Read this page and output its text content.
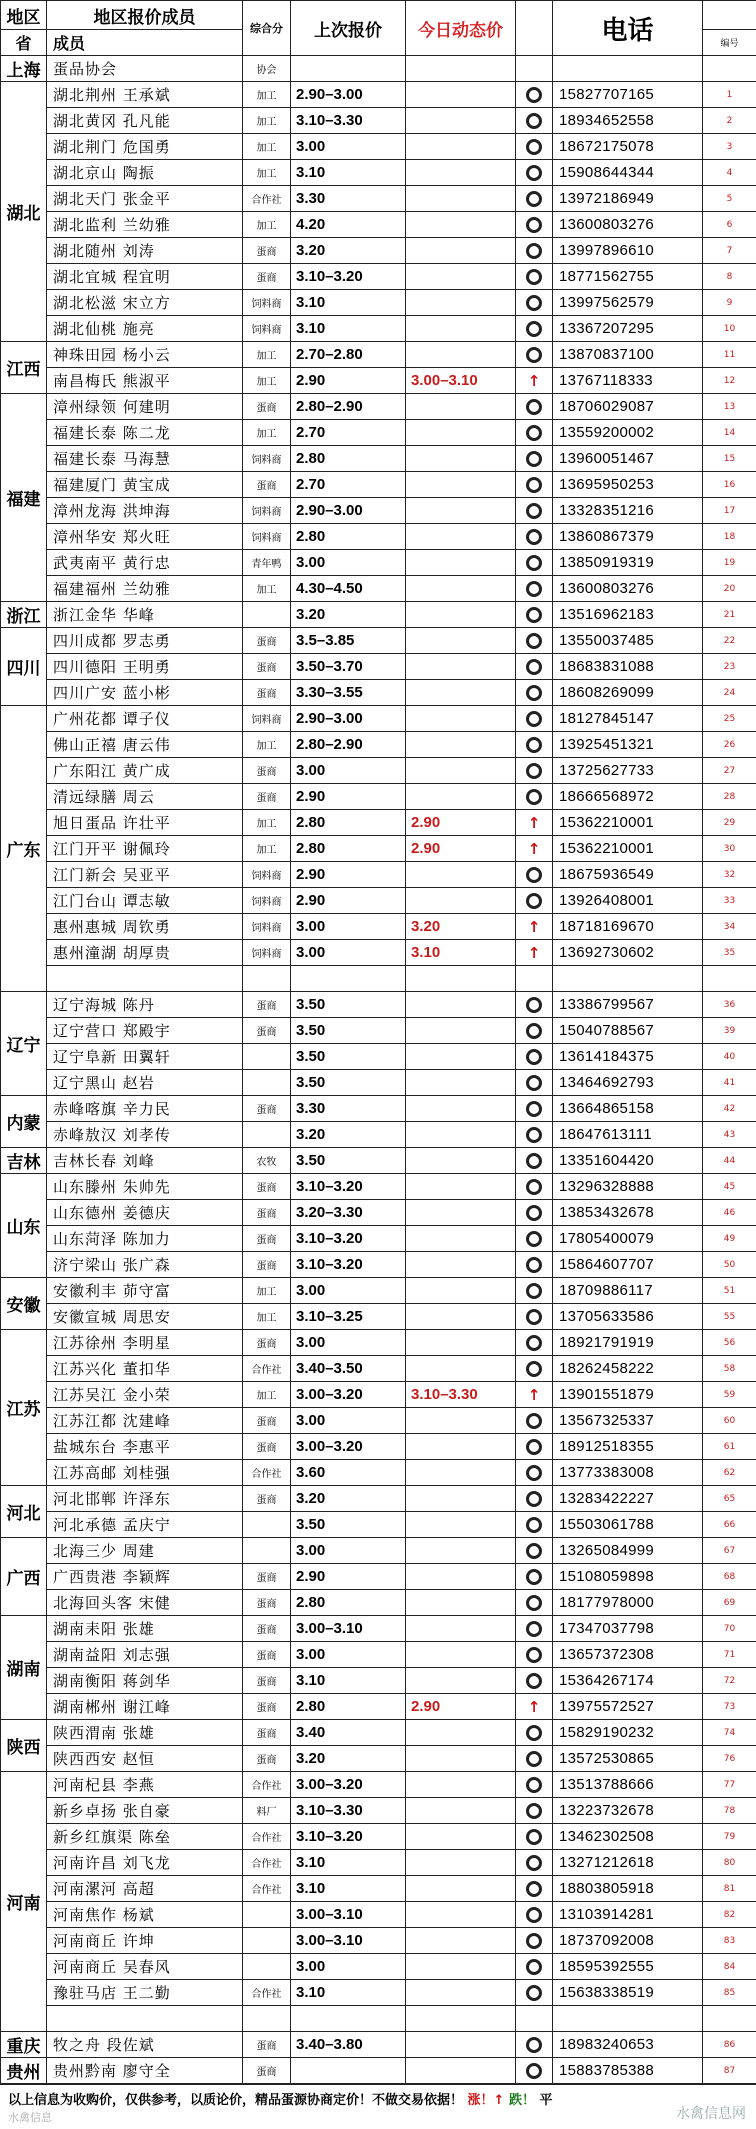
地区	地区报价成员	综合分	上次报价	今日动态价		电话	
省	成员						编号
上海	蛋品协会	协会					
湖北	湖北荆州 王承斌	加工	2.90–3.00			15827707165	1
	湖北黄冈 孔凡能	加工	3.10–3.30			18934652558	2
	湖北荆门 危国勇	加工	3.00			18672175078	3
	湖北京山 陶振	加工	3.10			15908644344	4
	湖北天门 张金平	合作社	3.30			13972186949	5
	湖北监利 兰幼雅	加工	4.20			13600803276	6
	湖北随州 刘涛	蛋商	3.20			13997896610	7
	湖北宜城 程宜明	蛋商	3.10–3.20			18771562755	8
	湖北松滋 宋立方	饲料商	3.10			13997562579	9
	湖北仙桃 施亮	饲料商	3.10			13367207295	10
江西	神珠田园 杨小云	加工	2.70–2.80			13870837100	11
	南昌梅氏 熊淑平	加工	2.90	3.00–3.10	↑	13767118333	12
福建	漳州绿领 何建明	蛋商	2.80–2.90			18706029087	13
	福建长泰 陈二龙	加工	2.70			13559200002	14
	福建长泰 马海慧	饲料商	2.80			13960051467	15
	福建厦门 黄宝成	蛋商	2.70			13695950253	16
	漳州龙海 洪坤海	饲料商	2.90–3.00			13328351216	17
	漳州华安 郑火旺	饲料商	2.80			13860867379	18
	武夷南平 黄行忠	青年鸭	3.00			13850919319	19
	福建福州 兰幼雅	加工	4.30–4.50			13600803276	20
浙江	浙江金华 华峰		3.20			13516962183	21
四川	四川成都 罗志勇	蛋商	3.5–3.85			13550037485	22
	四川德阳 王明勇	蛋商	3.50–3.70			18683831088	23
	四川广安 蓝小彬	蛋商	3.30–3.55			18608269099	24
广东	广州花都 谭子仪	饲料商	2.90–3.00			18127845147	25
	佛山正禧 唐云伟	加工	2.80–2.90			13925451321	26
	广东阳江 黄广成	蛋商	3.00			13725627733	27
	清远绿膳 周云	蛋商	2.90			18666568972	28
	旭日蛋品 许壮平	加工	2.80	2.90	↑	15362210001	29
	江门开平 谢佩玲	加工	2.80	2.90	↑	15362210001	30
	江门新会 吴亚平	饲料商	2.90			18675936549	32
	江门台山 谭志敏	饲料商	2.90			13926408001	33
	惠州惠城 周钦勇	饲料商	3.00	3.20	↑	18718169670	34
	惠州潼湖 胡厚贵	饲料商	3.00	3.10	↑	13692730602	35

辽宁	辽宁海城 陈丹	蛋商	3.50			13386799567	36
	辽宁营口 郑殿宇	蛋商	3.50			15040788567	39
	辽宁阜新 田翼轩		3.50			13614184375	40
	辽宁黑山 赵岩		3.50			13464692793	41
内蒙	赤峰喀旗 辛力民	蛋商	3.30			13664865158	42
	赤峰敖汉 刘孝传		3.20			18647613111	43
吉林	吉林长春 刘峰	农牧	3.50			13351604420	44
山东	山东滕州 朱帅先	蛋商	3.10–3.20			13296328888	45
	山东德州 姜德庆	蛋商	3.20–3.30			13853432678	46
	山东菏泽 陈加力	蛋商	3.10–3.20			17805400079	49
	济宁梁山 张广森	蛋商	3.10–3.20			15864607707	50
安徽	安徽利丰 茆守富	加工	3.00			18709886117	51
	安徽宣城 周思安	加工	3.10–3.25			13705633586	55
江苏	江苏徐州 李明星	蛋商	3.00			18921791919	56
	江苏兴化 董扣华	合作社	3.40–3.50			18262458222	58
	江苏吴江 金小荣	加工	3.00–3.20	3.10–3.30	↑	13901551879	59
	江苏江都 沈建峰	蛋商	3.00			13567325337	60
	盐城东台 李惠平	蛋商	3.00–3.20			18912518355	61
	江苏高邮 刘桂强	合作社	3.60			13773383008	62
河北	河北邯郸 许泽东	蛋商	3.20			13283422227	65
	河北承德 孟庆宁		3.50			15503061788	66
广西	北海三少 周建		3.00			13265084999	67
	广西贵港 李颖辉	蛋商	2.90			15108059898	68
	北海回头客 宋健	蛋商	2.80			18177978000	69
湖南	湖南耒阳 张雄	蛋商	3.00–3.10			17347037798	70
	湖南益阳 刘志强	蛋商	3.00			13657372308	71
	湖南衡阳 蒋剑华	蛋商	3.10			15364267174	72
	湖南郴州 谢江峰	蛋商	2.80	2.90	↑	13975572527	73
陕西	陕西渭南 张雄	蛋商	3.40			15829190232	74
	陕西西安 赵恒	蛋商	3.20			13572530865	76
河南	河南杞县 李燕	合作社	3.00–3.20			13513788666	77
	新乡卓扬 张自豪	料厂	3.10–3.30			13223732678	78
	新乡红旗渠 陈垒	合作社	3.10–3.20			13462302508	79
	河南许昌 刘飞龙	合作社	3.10			13271212618	80
	河南漯河 高超	合作社	3.10			18803805918	81
	河南焦作 杨斌		3.00–3.10			13103914281	82
	河南商丘 许坤		3.00–3.10			18737092008	83
	河南商丘 吴春风		3.00			18595392555	84
	豫驻马店 王二勤	合作社	3.10			15638338519	85

重庆	牧之舟 段佐斌	蛋商	3.40–3.80			18983240653	86
贵州	贵州黔南 廖守全	蛋商				15883785388	87
以上信息为收购价，仅供参考，以质论价，精品蛋源协商定价！不做交易依据！ 涨！↑ 跌！ 平
水禽信息	水禽信息网
